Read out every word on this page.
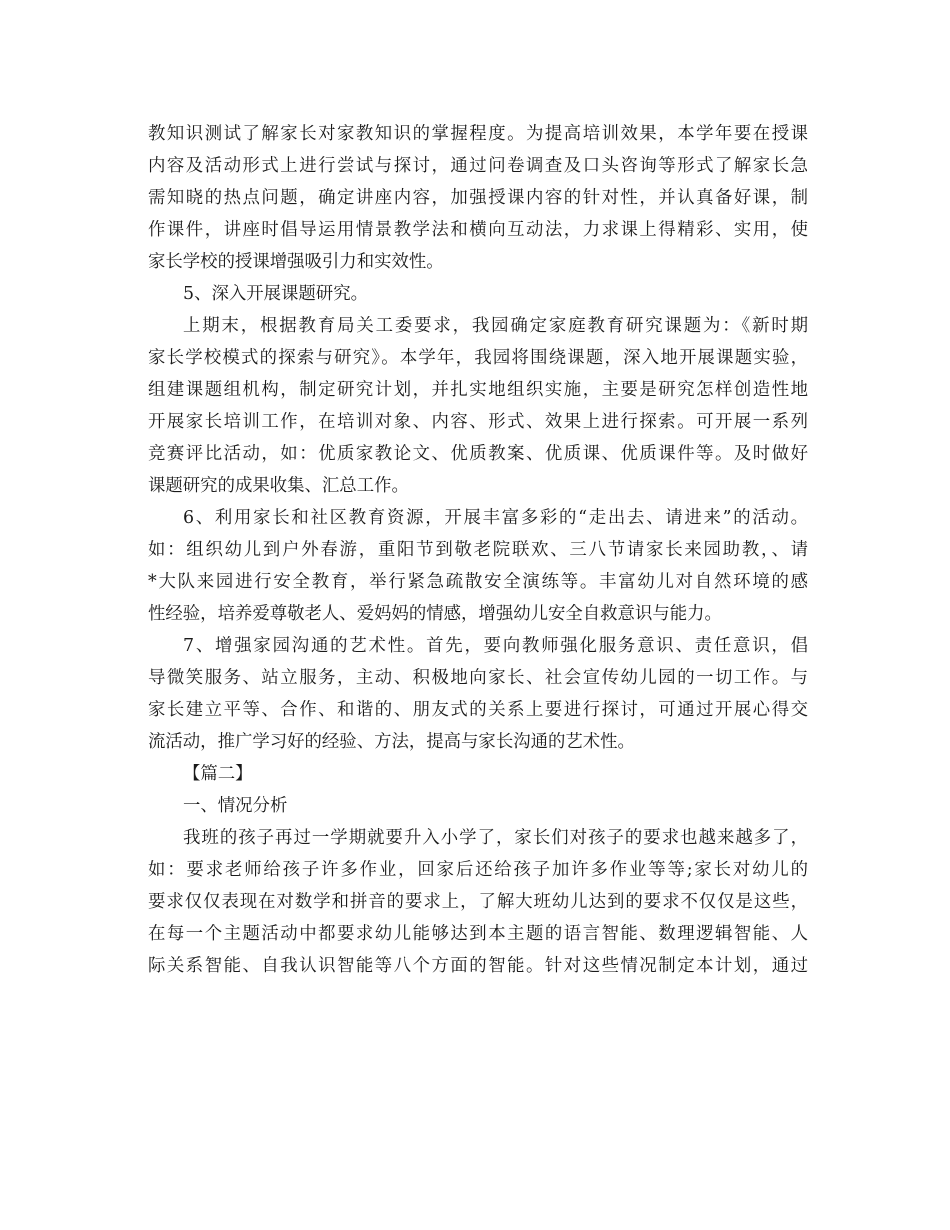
教知识测试了解家长对家教知识的掌握程度。为提高培训效果，本学年要在授课
内容及活动形式上进行尝试与探讨，通过问卷调查及口头咨询等形式了解家长急
需知晓的热点问题，确定讲座内容，加强授课内容的针对性，并认真备好课，制
作课件，讲座时倡导运用情景教学法和横向互动法，力求课上得精彩、实用，使
家长学校的授课增强吸引力和实效性。
5、深入开展课题研究。
上期末，根据教育局关工委要求，我园确定家庭教育研究课题为：《新时期
家长学校模式的探索与研究》。本学年，我园将围绕课题，深入地开展课题实验，
组建课题组机构，制定研究计划，并扎实地组织实施，主要是研究怎样创造性地
开展家长培训工作，在培训对象、内容、形式、效果上进行探索。可开展一系列
竞赛评比活动，如：优质家教论文、优质教案、优质课、优质课件等。及时做好
课题研究的成果收集、汇总工作。
6、利用家长和社区教育资源，开展丰富多彩的“走出去、请进来”的活动。
如：组织幼儿到户外春游，重阳节到敬老院联欢、三八节请家长来园助教，、请
*大队来园进行安全教育，举行紧急疏散安全演练等。丰富幼儿对自然环境的感
性经验，培养爱尊敬老人、爱妈妈的情感，增强幼儿安全自救意识与能力。
7、增强家园沟通的艺术性。首先，要向教师强化服务意识、责任意识，倡
导微笑服务、站立服务，主动、积极地向家长、社会宣传幼儿园的一切工作。与
家长建立平等、合作、和谐的、朋友式的关系上要进行探讨，可通过开展心得交
流活动，推广学习好的经验、方法，提高与家长沟通的艺术性。
【篇二】
一、情况分析
我班的孩子再过一学期就要升入小学了，家长们对孩子的要求也越来越多了，
如：要求老师给孩子许多作业，回家后还给孩子加许多作业等等;家长对幼儿的
要求仅仅表现在对数学和拼音的要求上，了解大班幼儿达到的要求不仅仅是这些，
在每一个主题活动中都要求幼儿能够达到本主题的语言智能、数理逻辑智能、人
际关系智能、自我认识智能等八个方面的智能。针对这些情况制定本计划，通过
